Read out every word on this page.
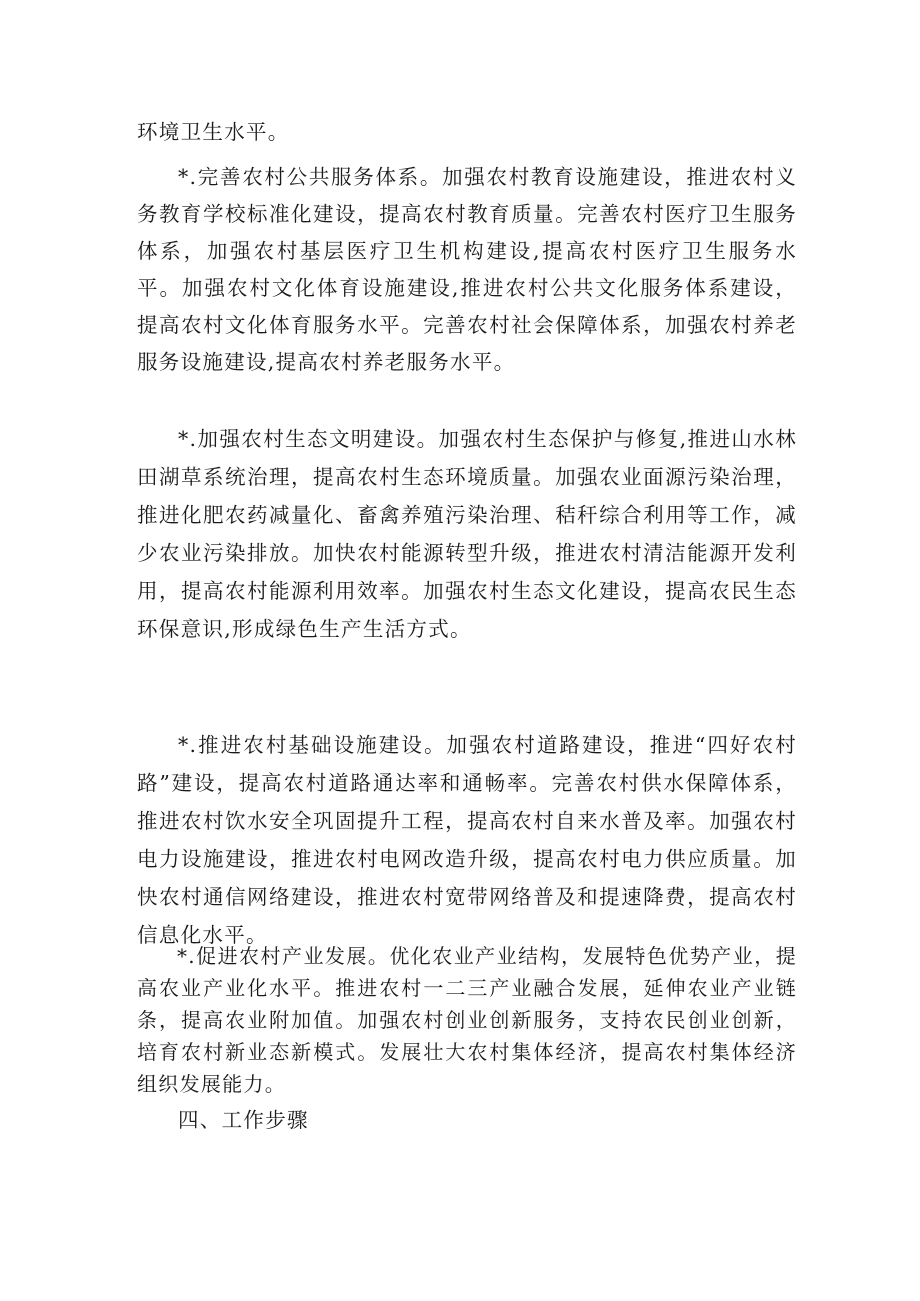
环境卫生水平。

*.完善农村公共服务体系。加强农村教育设施建设，推进农村义务教育学校标准化建设，提高农村教育质量。完善农村医疗卫生服务体系，加强农村基层医疗卫生机构建设,提高农村医疗卫生服务水平。加强农村文化体育设施建设,推进农村公共文化服务体系建设，提高农村文化体育服务水平。完善农村社会保障体系，加强农村养老服务设施建设,提高农村养老服务水平。

*.加强农村生态文明建设。加强农村生态保护与修复,推进山水林田湖草系统治理，提高农村生态环境质量。加强农业面源污染治理，推进化肥农药减量化、畜禽养殖污染治理、秸秆综合利用等工作，减少农业污染排放。加快农村能源转型升级，推进农村清洁能源开发利用，提高农村能源利用效率。加强农村生态文化建设，提高农民生态环保意识,形成绿色生产生活方式。

*.推进农村基础设施建设。加强农村道路建设，推进“四好农村路”建设，提高农村道路通达率和通畅率。完善农村供水保障体系，推进农村饮水安全巩固提升工程，提高农村自来水普及率。加强农村电力设施建设，推进农村电网改造升级，提高农村电力供应质量。加快农村通信网络建设，推进农村宽带网络普及和提速降费，提高农村信息化水平。

*.促进农村产业发展。优化农业产业结构，发展特色优势产业，提高农业产业化水平。推进农村一二三产业融合发展，延伸农业产业链条，提高农业附加值。加强农村创业创新服务，支持农民创业创新，培育农村新业态新模式。发展壮大农村集体经济，提高农村集体经济组织发展能力。

四、工作步骤
